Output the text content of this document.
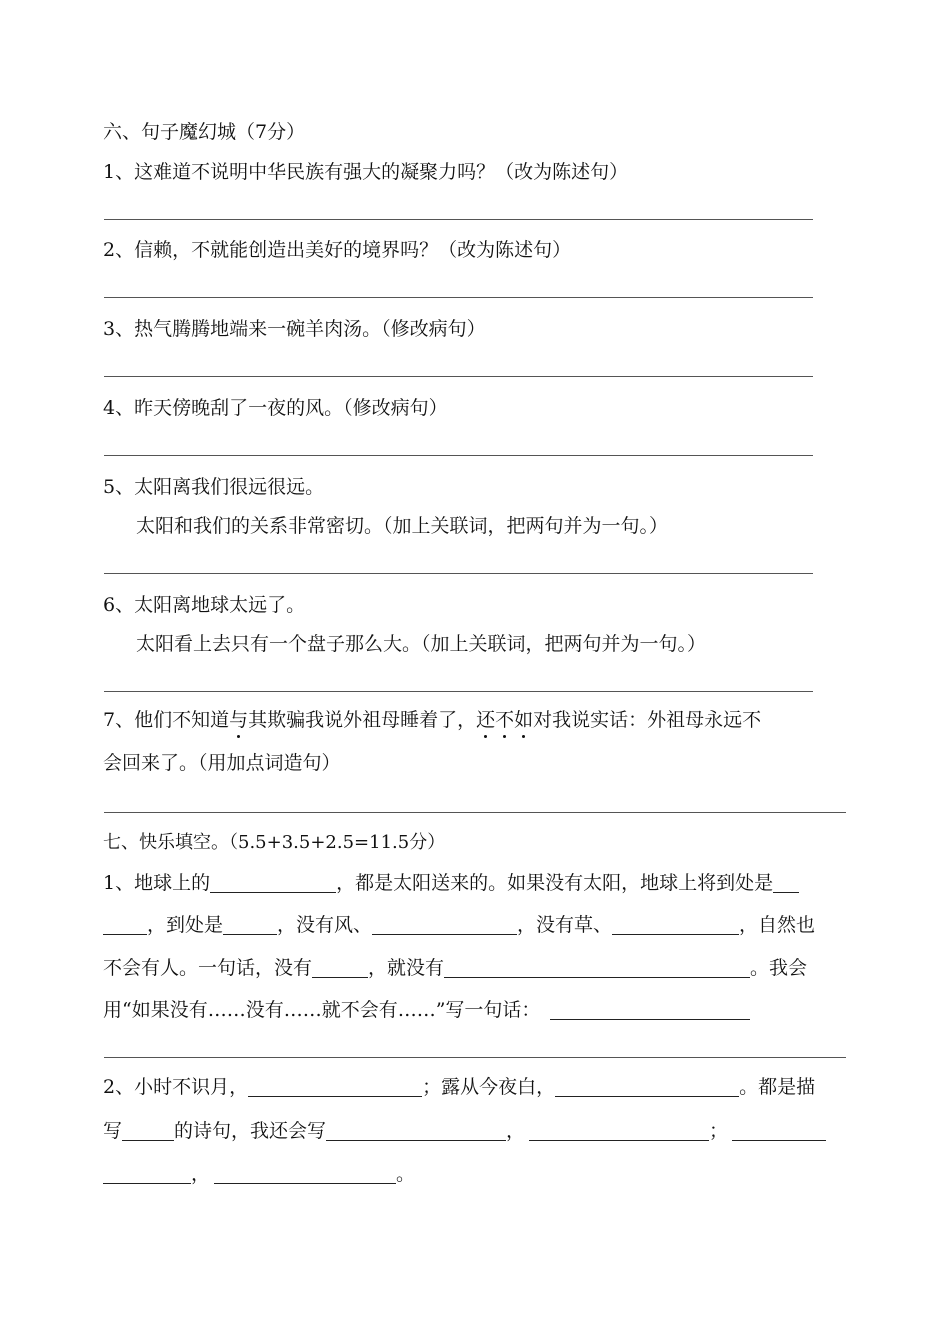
六、句子魔幻城（7分）
1、这难道不说明中华民族有强大的凝聚力吗？（改为陈述句）
2、信赖，不就能创造出美好的境界吗？（改为陈述句）
3、热气腾腾地端来一碗羊肉汤。（修改病句）
4、昨天傍晚刮了一夜的风。（修改病句）
5、太阳离我们很远很远。
太阳和我们的关系非常密切。（加上关联词，把两句并为一句。）
6、太阳离地球太远了。
太阳看上去只有一个盘子那么大。（加上关联词，把两句并为一句。）
7、他们不知道与其欺骗我说外祖母睡着了，还不如对我说实话：外祖母永远不
会回来了。（用加点词造句）
七、快乐填空。（5.5+3.5+2.5=11.5分）
1、地球上的	，都是太阳送来的。如果没有太阳，地球上将到处是
，到处是	，没有风、	，没有草、	，自然也
不会有人。一句话，没有	，就没有	。我会
用“如果没有……没有……就不会有……”写一句话：
2、小时不识月，	；露从今夜白，	。都是描
写	的诗句，我还会写	，	；
，	。
